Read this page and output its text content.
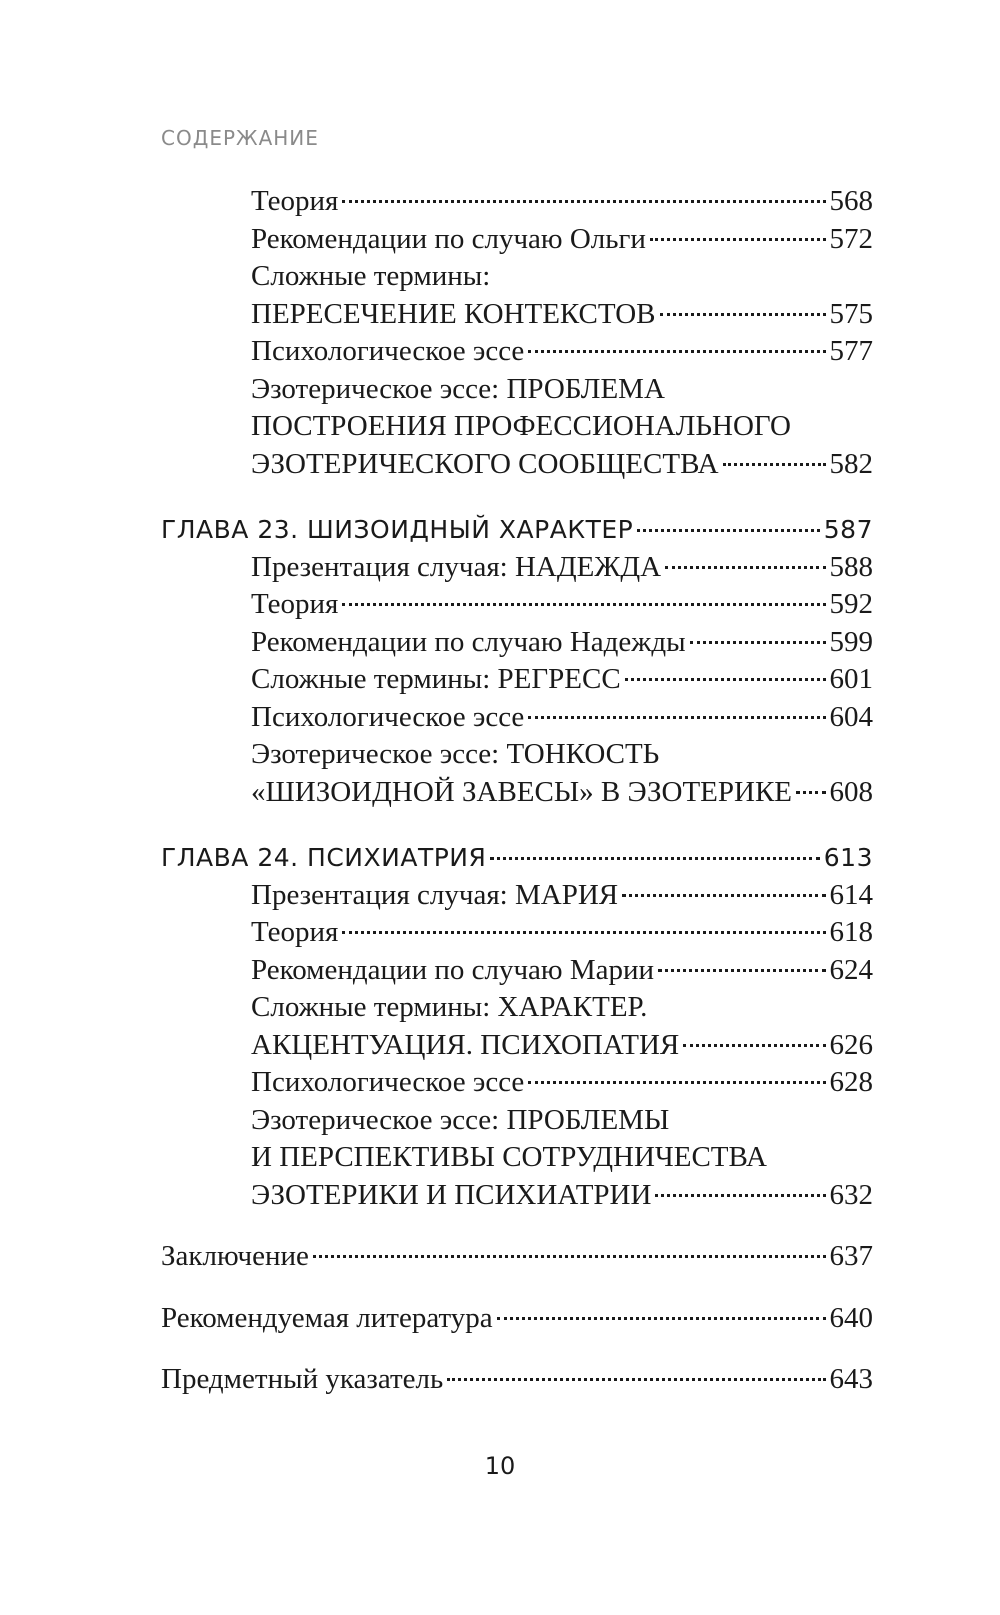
СОДЕРЖАНИЕ
Теория	568
Рекомендации по случаю Ольги	572
Сложные термины:
ПЕРЕСЕЧЕНИЕ КОНТЕКСТОВ	575
Психологическое эссе	577
Эзотерическое эссе: ПРОБЛЕМА
ПОСТРОЕНИЯ ПРОФЕССИОНАЛЬНОГО
ЭЗОТЕРИЧЕСКОГО СООБЩЕСТВА	582
ГЛАВА 23. ШИЗОИДНЫЙ ХАРАКТЕР	587
Презентация случая: НАДЕЖДА	588
Теория	592
Рекомендации по случаю Надежды	599
Сложные термины: РЕГРЕСС	601
Психологическое эссе	604
Эзотерическое эссе: ТОНКОСТЬ
«ШИЗОИДНОЙ ЗАВЕСЫ» В ЭЗОТЕРИКЕ 608
ГЛАВА 24. ПСИХИАТРИЯ	613
Презентация случая: МАРИЯ	614
Теория	618
Рекомендации по случаю Марии	624
Сложные термины: ХАРАКТЕР.
АКЦЕНТУАЦИЯ. ПСИХОПАТИЯ	626
Психологическое эссе	628
Эзотерическое эссе: ПРОБЛЕМЫ
И ПЕРСПЕКТИВЫ СОТРУДНИЧЕСТВА
ЭЗОТЕРИКИ И ПСИХИАТРИИ	632
Заключение	637
Рекомендуемая литература	640
Предметный указатель	643
10
